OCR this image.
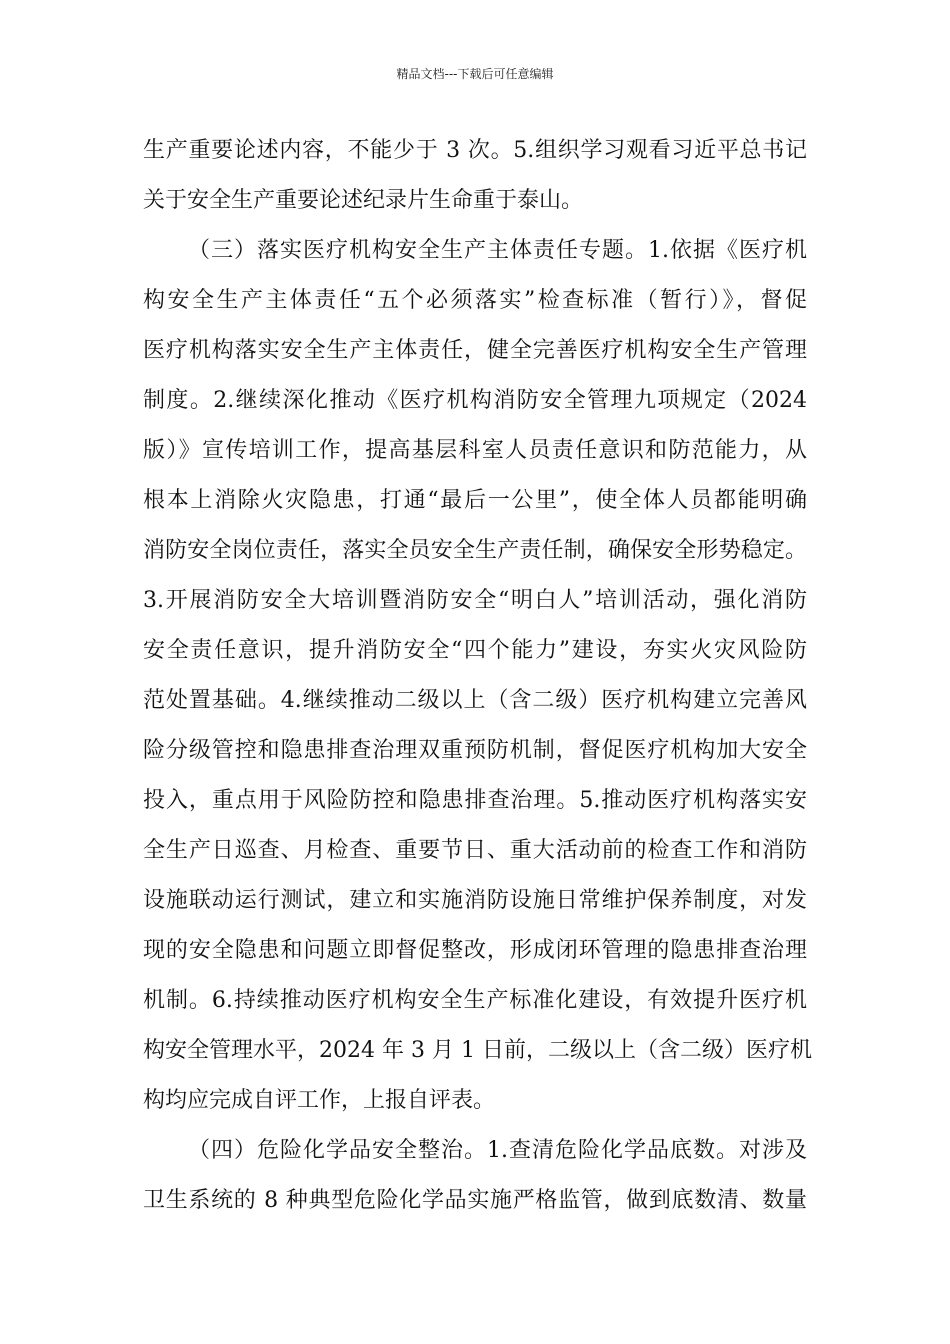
精品文档---下载后可任意编辑
生产重要论述内容，不能少于 3 次。5.组织学习观看习近平总书记
关于安全生产重要论述纪录片生命重于泰山。
（三）落实医疗机构安全生产主体责任专题。1.依据《医疗机
构安全生产主体责任“五个必须落实”检查标准（暂行）》，督促
医疗机构落实安全生产主体责任，健全完善医疗机构安全生产管理
制度。2.继续深化推动《医疗机构消防安全管理九项规定（2024
版）》宣传培训工作，提高基层科室人员责任意识和防范能力，从
根本上消除火灾隐患，打通“最后一公里”，使全体人员都能明确
消防安全岗位责任，落实全员安全生产责任制，确保安全形势稳定。
3.开展消防安全大培训暨消防安全“明白人”培训活动，强化消防
安全责任意识，提升消防安全“四个能力”建设，夯实火灾风险防
范处置基础。4.继续推动二级以上（含二级）医疗机构建立完善风
险分级管控和隐患排查治理双重预防机制，督促医疗机构加大安全
投入，重点用于风险防控和隐患排查治理。5.推动医疗机构落实安
全生产日巡查、月检查、重要节日、重大活动前的检查工作和消防
设施联动运行测试，建立和实施消防设施日常维护保养制度，对发
现的安全隐患和问题立即督促整改，形成闭环管理的隐患排查治理
机制。6.持续推动医疗机构安全生产标准化建设，有效提升医疗机
构安全管理水平，2024 年 3 月 1 日前，二级以上（含二级）医疗机
构均应完成自评工作，上报自评表。
（四）危险化学品安全整治。1.查清危险化学品底数。对涉及
卫生系统的 8 种典型危险化学品实施严格监管，做到底数清、数量
